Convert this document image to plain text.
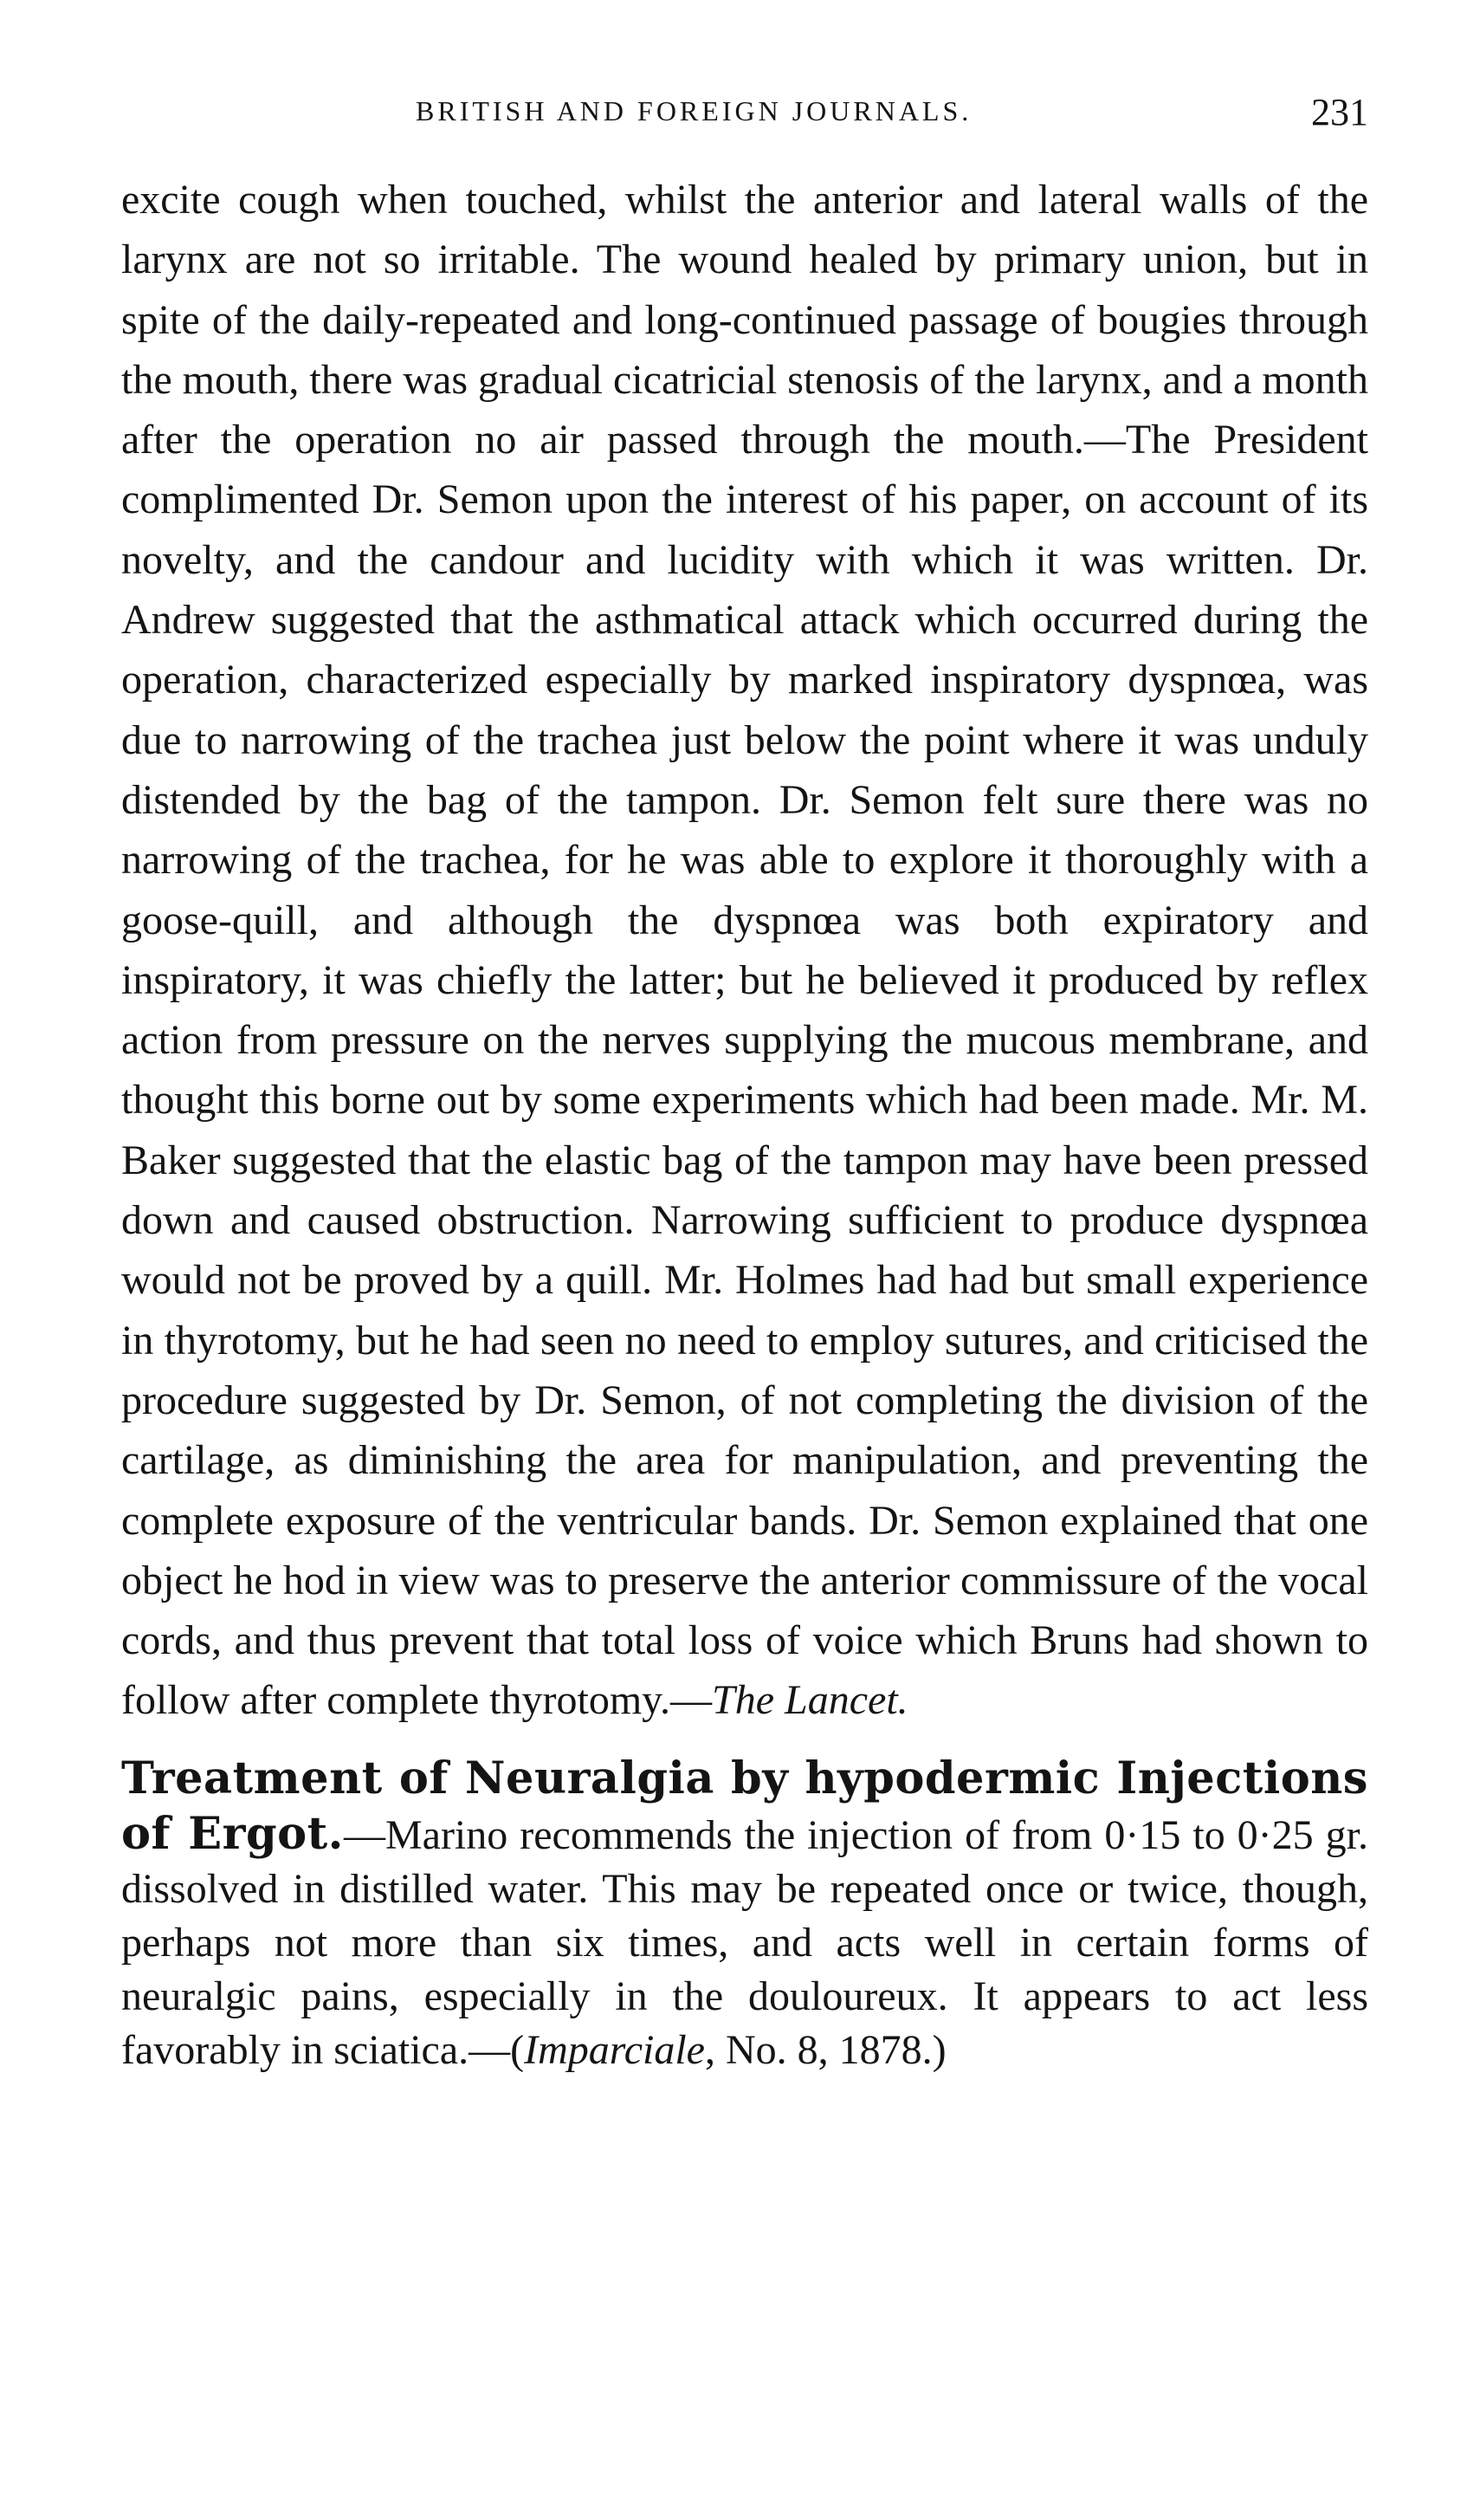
BRITISH AND FOREIGN JOURNALS.	231

excite cough when touched, whilst the anterior and lateral walls of the larynx are not so irritable. The wound healed by primary union, but in spite of the daily-repeated and long-continued passage of bougies through the mouth, there was gradual cicatricial stenosis of the larynx, and a month after the operation no air passed through the mouth.—The President complimented Dr. Semon upon the interest of his paper, on account of its novelty, and the candour and lucidity with which it was written. Dr. Andrew suggested that the asthmatical attack which occurred during the operation, characterized especially by marked inspiratory dyspnœa, was due to narrowing of the trachea just below the point where it was unduly distended by the bag of the tampon. Dr. Semon felt sure there was no narrowing of the trachea, for he was able to explore it thoroughly with a goose-quill, and although the dyspnœa was both expiratory and inspiratory, it was chiefly the latter; but he believed it produced by reflex action from pressure on the nerves supplying the mucous membrane, and thought this borne out by some experiments which had been made. Mr. M. Baker suggested that the elastic bag of the tampon may have been pressed down and caused obstruction. Narrowing sufficient to produce dyspnœa would not be proved by a quill. Mr. Holmes had had but small experience in thyrotomy, but he had seen no need to employ sutures, and criticised the procedure suggested by Dr. Semon, of not completing the division of the cartilage, as diminishing the area for manipulation, and preventing the complete exposure of the ventricular bands. Dr. Semon explained that one object he hod in view was to preserve the anterior commissure of the vocal cords, and thus prevent that total loss of voice which Bruns had shown to follow after complete thyrotomy.—The Lancet.

Treatment of Neuralgia by hypodermic Injections of Ergot.—Marino recommends the injection of from 0·15 to 0·25 gr. dissolved in distilled water. This may be repeated once or twice, though, perhaps not more than six times, and acts well in certain forms of neuralgic pains, especially in the douloureux. It appears to act less favorably in sciatica.—(Imparciale, No. 8, 1878.)
